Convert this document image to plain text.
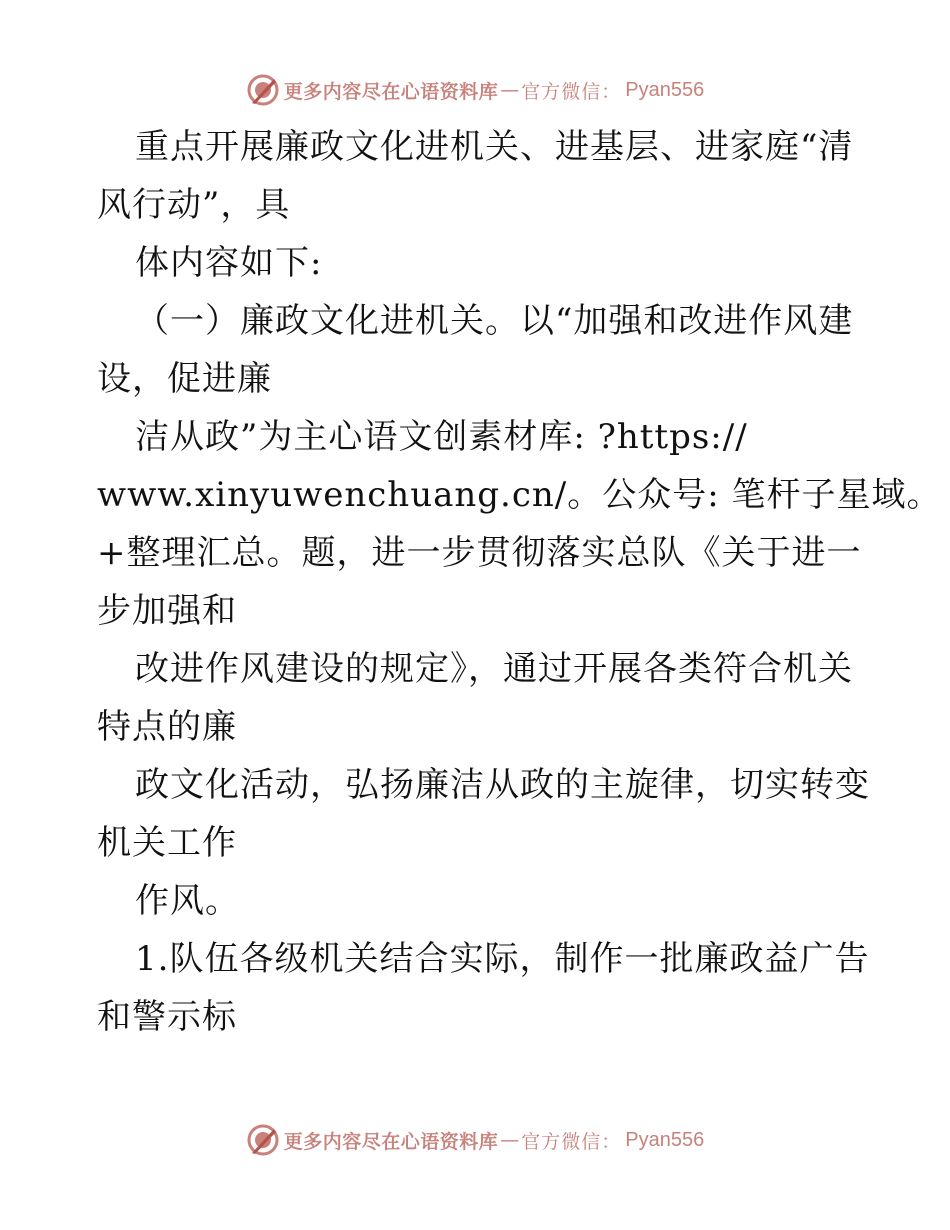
更多内容尽在心语资料库 — 官方微信： Pyan556
重点开展廉政文化进机关、进基层、进家庭“清
风行动”，具
体内容如下:
（一）廉政文化进机关。以“加强和改进作风建
设，促进廉
洁从政”为主心语文创素材库: ?https://
www.xinyuwenchuang.cn/。公众号: 笔杆子星域。
+整理汇总。题，进一步贯彻落实总队《关于进一
步加强和
改进作风建设的规定》，通过开展各类符合机关
特点的廉
政文化活动，弘扬廉洁从政的主旋律，切实转变
机关工作
作风。
1.队伍各级机关结合实际，制作一批廉政益广告
和警示标
更多内容尽在心语资料库 — 官方微信： Pyan556
